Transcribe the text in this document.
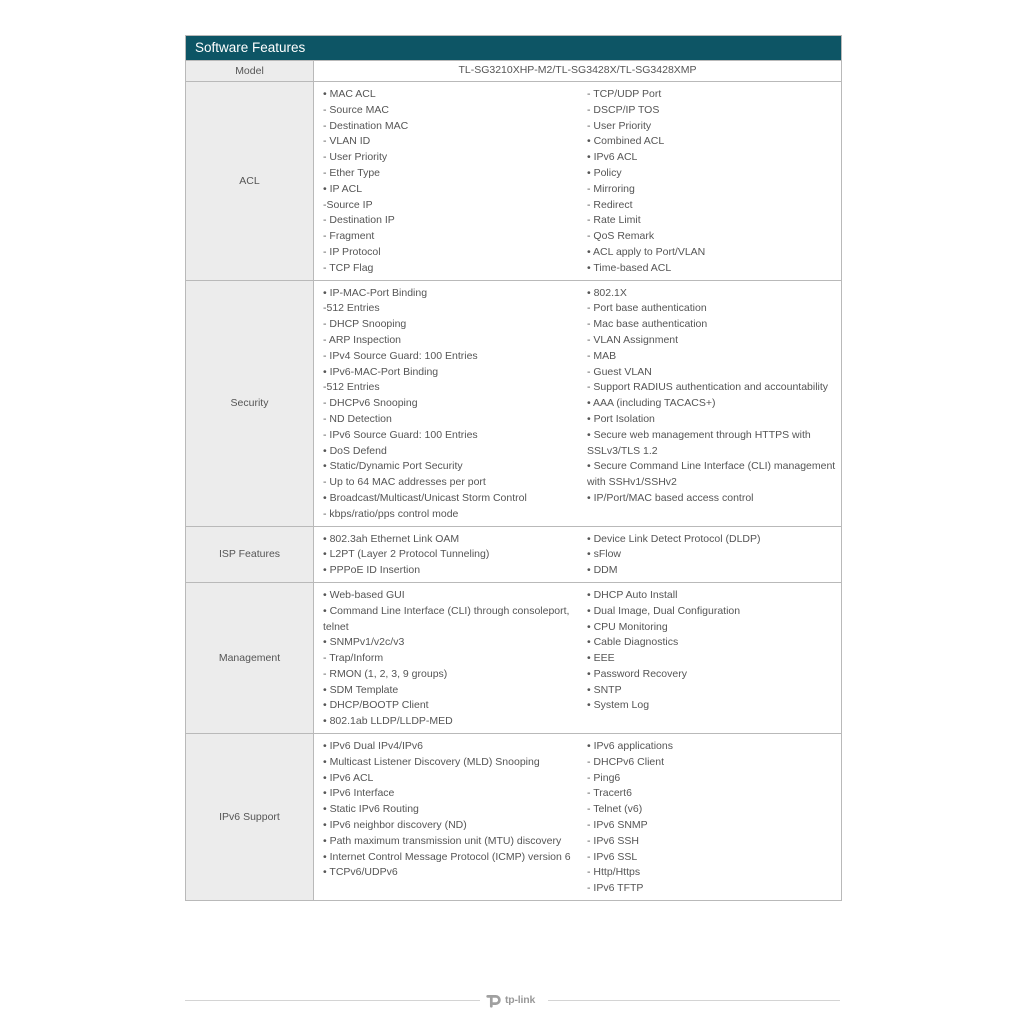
Software Features
Model	TL-SG3210XHP-M2/TL-SG3428X/TL-SG3428XMP
ACL
• MAC ACL
- Source MAC
- Destination MAC
- VLAN ID
- User Priority
- Ether Type
• IP ACL
-Source IP
- Destination IP
- Fragment
- IP Protocol
- TCP Flag
- TCP/UDP Port
- DSCP/IP TOS
- User Priority
• Combined ACL
• IPv6 ACL
• Policy
- Mirroring
- Redirect
- Rate Limit
- QoS Remark
• ACL apply to Port/VLAN
• Time-based ACL
Security
• IP-MAC-Port Binding
-512 Entries
- DHCP Snooping
- ARP Inspection
- IPv4 Source Guard: 100 Entries
• IPv6-MAC-Port Binding
-512 Entries
- DHCPv6 Snooping
- ND Detection
- IPv6 Source Guard: 100 Entries
• DoS Defend
• Static/Dynamic Port Security
- Up to 64 MAC addresses per port
• Broadcast/Multicast/Unicast Storm Control
- kbps/ratio/pps control mode
• 802.1X
- Port base authentication
- Mac base authentication
- VLAN Assignment
- MAB
- Guest VLAN
- Support RADIUS authentication and accountability
• AAA (including TACACS+)
• Port Isolation
• Secure web management through HTTPS with SSLv3/TLS 1.2
• Secure Command Line Interface (CLI) management with SSHv1/SSHv2
• IP/Port/MAC based access control
ISP Features
• 802.3ah Ethernet Link OAM
• L2PT (Layer 2 Protocol Tunneling)
• PPPoE ID Insertion
• Device Link Detect Protocol (DLDP)
• sFlow
• DDM
Management
• Web-based GUI
• Command Line Interface (CLI) through consoleport, telnet
• SNMPv1/v2c/v3
- Trap/Inform
- RMON (1, 2, 3, 9 groups)
• SDM Template
• DHCP/BOOTP Client
• 802.1ab LLDP/LLDP-MED
• DHCP Auto Install
• Dual Image, Dual Configuration
• CPU Monitoring
• Cable Diagnostics
• EEE
• Password Recovery
• SNTP
• System Log
IPv6 Support
• IPv6 Dual IPv4/IPv6
• Multicast Listener Discovery (MLD) Snooping
• IPv6 ACL
• IPv6 Interface
• Static IPv6 Routing
• IPv6 neighbor discovery (ND)
• Path maximum transmission unit (MTU) discovery
• Internet Control Message Protocol (ICMP) version 6
• TCPv6/UDPv6
• IPv6 applications
- DHCPv6 Client
- Ping6
- Tracert6
- Telnet (v6)
- IPv6 SNMP
- IPv6 SSH
- IPv6 SSL
- Http/Https
- IPv6 TFTP
tp-link
